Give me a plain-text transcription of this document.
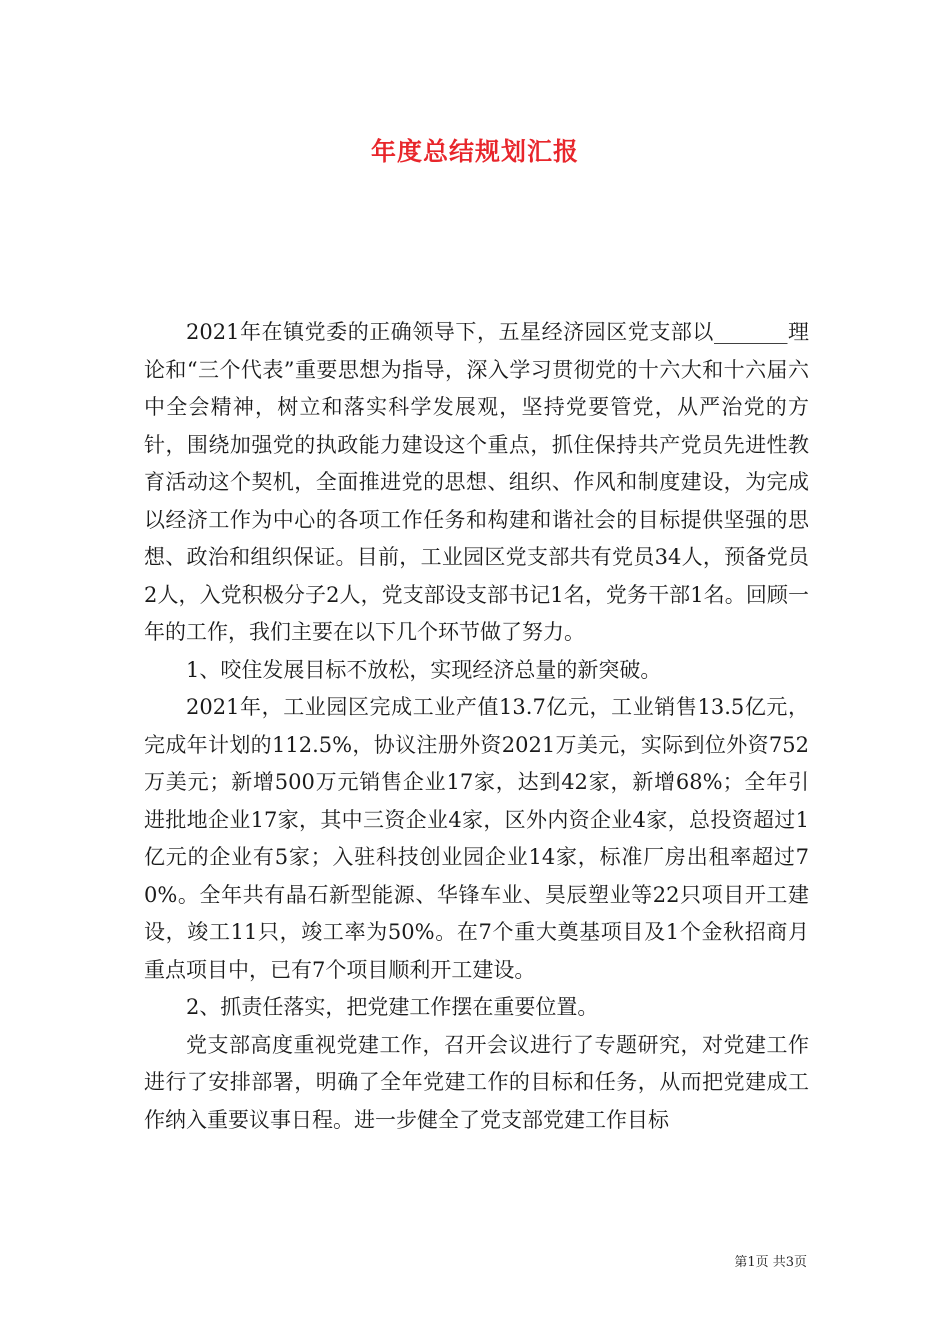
年度总结规划汇报

2021年在镇党委的正确领导下，五星经济园区党支部以_______理论和“三个代表”重要思想为指导，深入学习贯彻党的十六大和十六届六中全会精神，树立和落实科学发展观，坚持党要管党，从严治党的方针，围绕加强党的执政能力建设这个重点，抓住保持共产党员先进性教育活动这个契机，全面推进党的思想、组织、作风和制度建设，为完成以经济工作为中心的各项工作任务和构建和谐社会的目标提供坚强的思想、政治和组织保证。目前，工业园区党支部共有党员34人，预备党员2人，入党积极分子2人，党支部设支部书记1名，党务干部1名。回顾一年的工作，我们主要在以下几个环节做了努力。

1、咬住发展目标不放松，实现经济总量的新突破。

2021年，工业园区完成工业产值13.7亿元，工业销售13.5亿元，完成年计划的112.5%，协议注册外资2021万美元，实际到位外资752万美元；新增500万元销售企业17家，达到42家，新增68%；全年引进批地企业17家，其中三资企业4家，区外内资企业4家，总投资超过1亿元的企业有5家；入驻科技创业园企业14家，标准厂房出租率超过70%。全年共有晶石新型能源、华锋车业、昊辰塑业等22只项目开工建设，竣工11只，竣工率为50%。在7个重大奠基项目及1个金秋招商月重点项目中，已有7个项目顺利开工建设。

2、抓责任落实，把党建工作摆在重要位置。

党支部高度重视党建工作，召开会议进行了专题研究，对党建工作进行了安排部署，明确了全年党建工作的目标和任务，从而把党建成工作纳入重要议事日程。进一步健全了党支部党建工作目标

第1页 共3页
